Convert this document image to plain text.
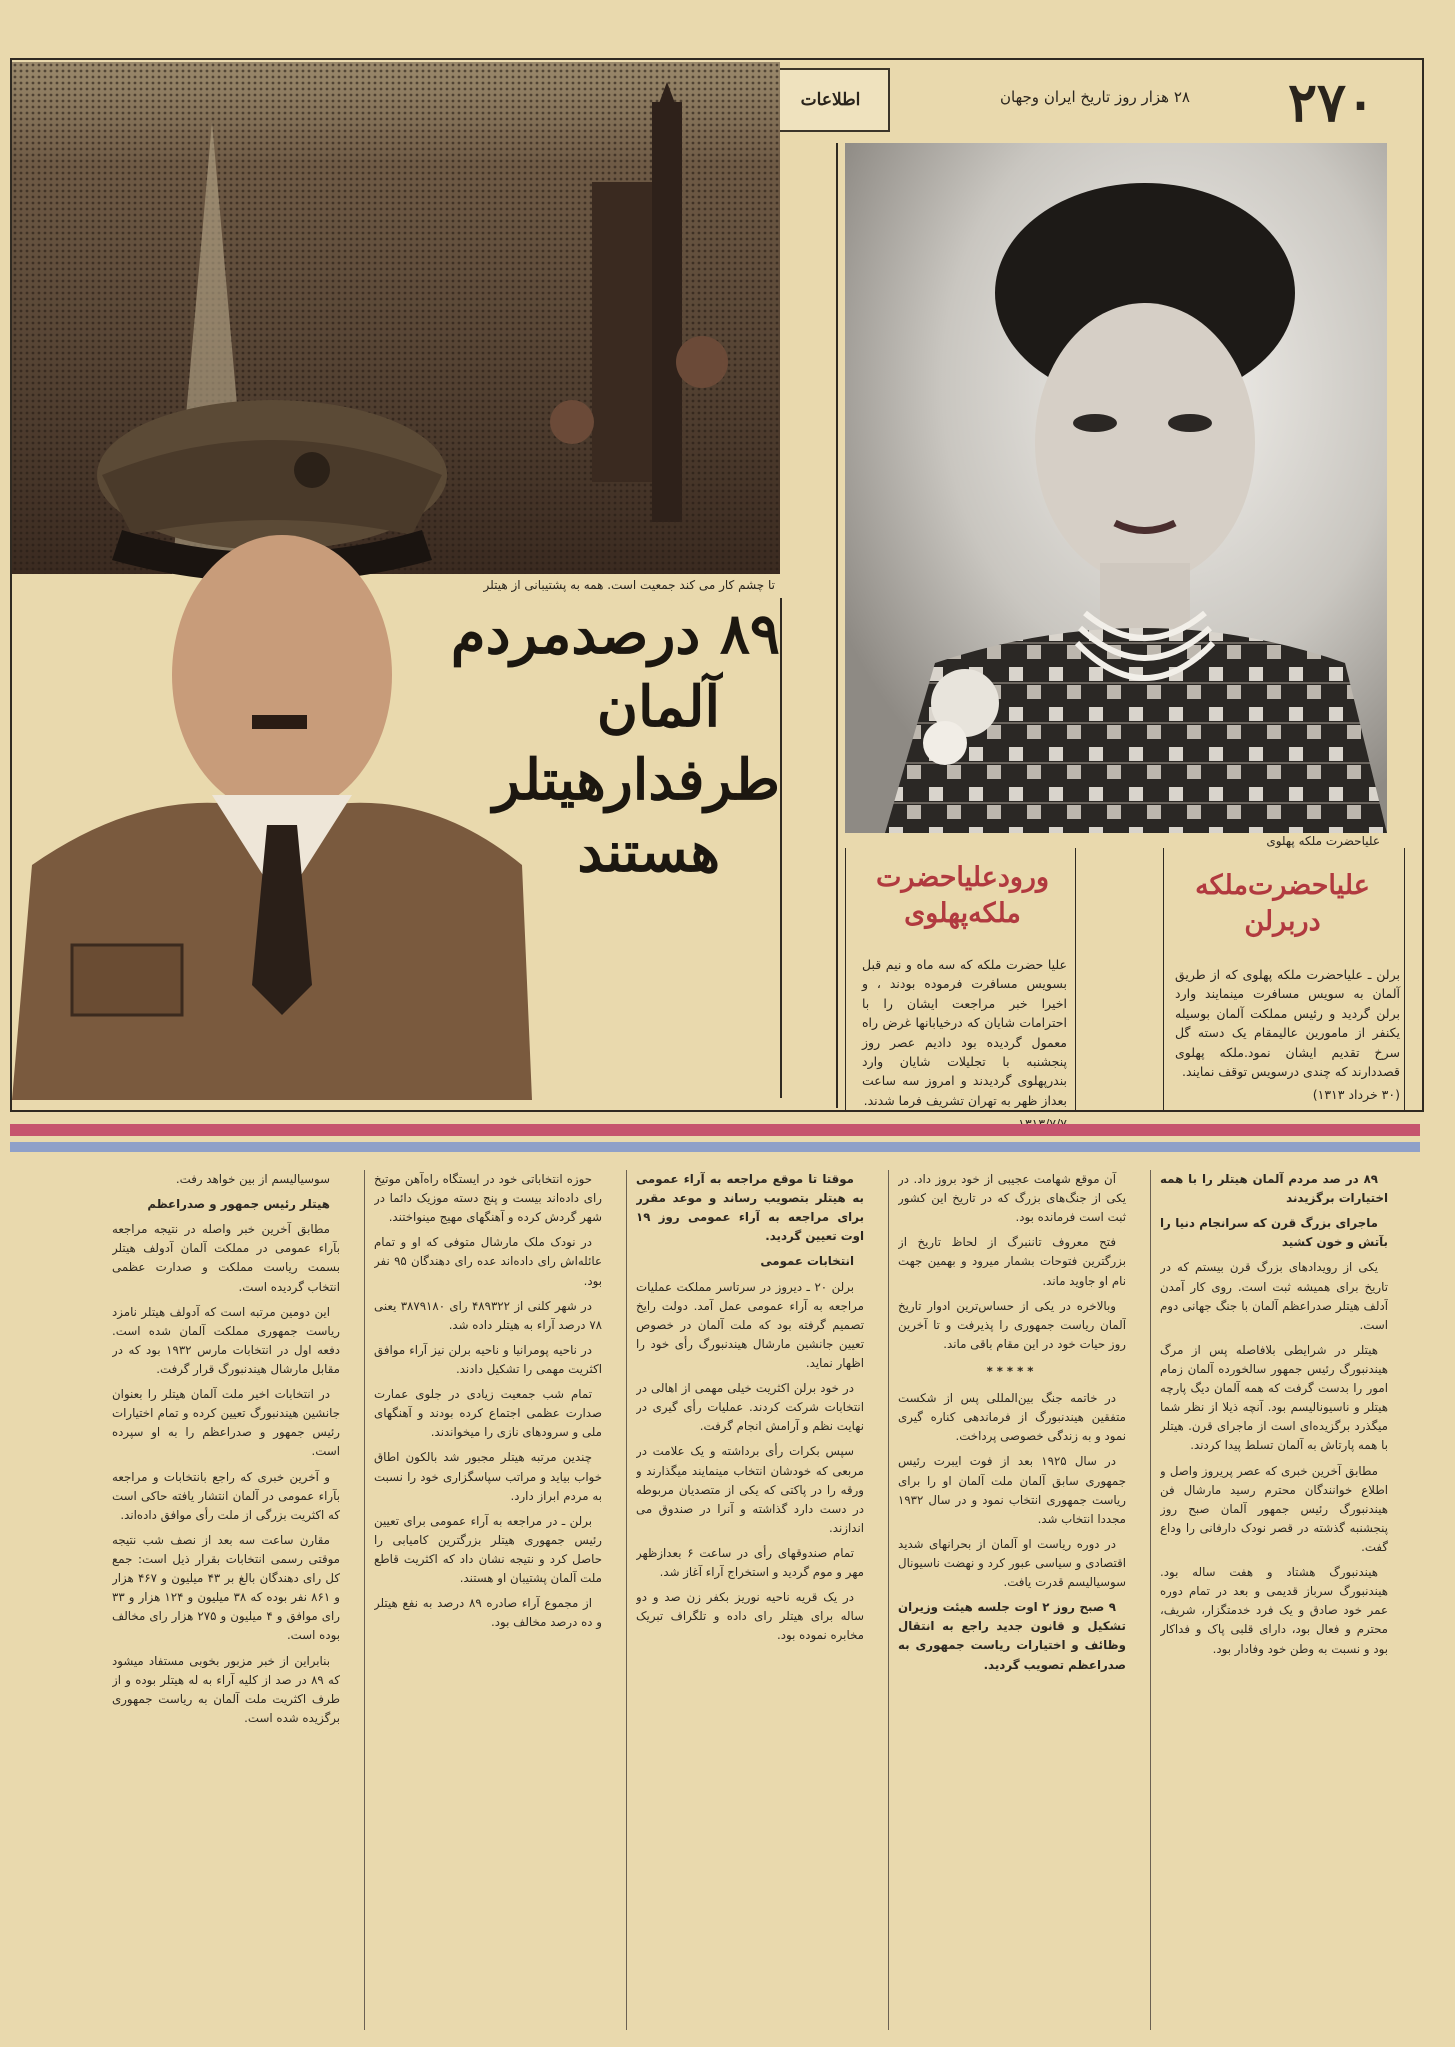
۲۷۰
۲۸ هزار روز تاریخ ایران وجهان
اطلاعات
علیاحضرت ملکه پهلوی
علیاحضرت‌ملکه
دربرلن
برلن ـ علیاحضرت ملکه پهلوی که از طریق آلمان به سویس مسافرت مینمایند وارد برلن گردید و رئیس مملکت آلمان بوسیله یکنفر از مامورین عالیمقام یک دسته گل سرخ تقدیم ایشان نمود.ملکه پهلوی قصددارند که چندی درسویس توقف نمایند.
(۳۰ خرداد ۱۳۱۳)
ورودعلیاحضرت
ملکه‌پهلوی
علیا حضرت ملکه که سه ماه و نیم قبل بسویس مسافرت فرموده بودند ، و اخیرا خبر مراجعت ایشان را با احترامات شایان که درخیابانها غرض راه معمول گردیده بود دادیم عصر روز پنجشنبه با تجلیلات شایان وارد بندرپهلوی گردیدند و امروز سه ساعت بعداز ظهر به تهران تشریف فرما شدند.
تا چشم کار می کند جمعیت است. همه به پشتیبانی از هیتلر
۸۹ درصدمردم
آلمان
طرفدارهیتلر
هستند

۸۹ در صد مردم آلمان هیتلر را با همه اختیارات برگزیدند

ماجرای بزرگ قرن که سرانجام دنیا را بآتش و خون کشید

یکی از رویدادهای بزرگ قرن بیستم که در تاریخ برای همیشه ثبت است. روی کار آمدن آدلف هیتلر صدراعظم آلمان با جنگ جهانی دوم است.

هیتلر در شرایطی بلافاصله پس از مرگ هیندنبورگ رئیس جمهور سالخورده آلمان زمام امور را بدست گرفت که همه آلمان دیگ پارچه هیتلر و ناسیونالیسم بود. آنچه ذیلا از نظر شما میگذرد برگزیده‌ای است از ماجرای قرن. هیتلر با همه پارتاش به آلمان تسلط پیدا کردند.

مطابق آخرین خبری که عصر پریروز واصل و اطلاع خوانندگان محترم رسید مارشال فن هیندنبورگ رئیس جمهور آلمان صبح روز پنجشنبه گذشته در قصر نودک دارفانی را وداع گفت.

هیندنبورگ هشتاد و هفت ساله بود. هیندنبورگ سرباز قدیمی و بعد در تمام دوره عمر خود صادق و یک فرد خدمتگزار، شریف، محترم و فعال بود، دارای قلبی پاک و فداکار بود و نسبت به وطن خود وفادار بود.

آن موقع شهامت عجیبی از خود بروز داد. در یکی از جنگ‌های بزرگ که در تاریخ این کشور ثبت است فرمانده بود.

فتح معروف تاننبرگ از لحاظ تاریخ از بزرگترین فتوحات بشمار میرود و بهمین جهت نام او جاوید ماند.

وبالاخره در یکی از حساس‌ترین ادوار تاریخ آلمان ریاست جمهوری را پذیرفت و تا آخرین روز حیات خود در این مقام باقی ماند.

*****

در خاتمه جنگ بین‌المللی پس از شکست متفقین هیندنبورگ از فرماندهی کناره گیری نمود و به زندگی خصوصی پرداخت.

در سال ۱۹۲۵ بعد از فوت ایبرت رئیس جمهوری سابق آلمان ملت آلمان او را برای ریاست جمهوری انتخاب نمود و در سال ۱۹۳۲ مجددا انتخاب شد.

در دوره ریاست او آلمان از بحرانهای شدید اقتصادی و سیاسی عبور کرد و نهضت ناسیونال سوسیالیسم قدرت یافت.

۹ صبح روز ۲ اوت جلسه هیئت وزیران تشکیل و قانون جدید راجع به انتقال وظائف و اختیارات ریاست جمهوری به صدراعظم تصویب گردید.

موقتا تا موقع مراجعه به آراء عمومی به هیتلر بتصویب رساند و موعد مقرر برای مراجعه به آراء عمومی روز ۱۹ اوت تعیین گردید.

انتخابات عمومی

برلن ۲۰ ـ دیروز در سرتاسر مملکت عملیات مراجعه به آراء عمومی عمل آمد. دولت رایخ تصمیم گرفته بود که ملت آلمان در خصوص تعیین جانشین مارشال هیندنبورگ رأی خود را اظهار نماید.

در خود برلن اکثریت خیلی مهمی از اهالی در انتخابات شرکت کردند. عملیات رأی گیری در نهایت نظم و آرامش انجام گرفت.

سپس بکرات رأی برداشته و یک علامت در مربعی که خودشان انتخاب مینمایند میگذارند و ورقه را در پاکتی که یکی از متصدیان مربوطه در دست دارد گذاشته و آنرا در صندوق می اندازند.

تمام صندوقهای رأی در ساعت ۶ بعدازظهر مهر و موم گردید و استخراج آراء آغاز شد.

در یک قریه ناحیه نوریز بکفر زن صد و دو ساله برای هیتلر رای داده و تلگراف تبریک مخابره نموده بود.

حوزه انتخاباتی خود در ایستگاه راه‌آهن موتیخ رای داده‌اند بیست و پنج دسته موزیک دائما در شهر گردش کرده و آهنگهای مهیج مینواختند.

در نودک ملک مارشال متوفی که او و تمام عائله‌اش رای داده‌اند عده رای دهندگان ۹۵ نفر بود.

در شهر کلنی از ۴۸۹۳۲۲ رای ۳۸۷۹۱۸۰ یعنی ۷۸ درصد آراء به هیتلر داده شد.

در ناحیه پومرانیا و ناحیه برلن نیز آراء موافق اکثریت مهمی را تشکیل دادند.

تمام شب جمعیت زیادی در جلوی عمارت صدارت عظمی اجتماع کرده بودند و آهنگهای ملی و سرودهای نازی را میخواندند.

چندین مرتبه هیتلر مجبور شد بالکون اطاق خواب بیاید و مراتب سپاسگزاری خود را نسبت به مردم ابراز دارد.

برلن ـ در مراجعه به آراء عمومی برای تعیین رئیس جمهوری هیتلر بزرگترین کامیابی را حاصل کرد و نتیجه نشان داد که اکثریت قاطع ملت آلمان پشتیبان او هستند.

از مجموع آراء صادره ۸۹ درصد به نفع هیتلر و ده درصد مخالف بود.

سوسیالیسم از بین خواهد رفت.

هیتلر رئیس جمهور و صدراعظم

مطابق آخرین خبر واصله در نتیجه مراجعه بآراء عمومی در مملکت آلمان آدولف هیتلر بسمت ریاست مملکت و صدارت عظمی انتخاب گردیده است.

این دومین مرتبه است که آدولف هیتلر نامزد ریاست جمهوری مملکت آلمان شده است. دفعه اول در انتخابات مارس ۱۹۳۲ بود که در مقابل مارشال هیندنبورگ قرار گرفت.

در انتخابات اخیر ملت آلمان هیتلر را بعنوان جانشین هیندنبورگ تعیین کرده و تمام اختیارات رئیس جمهور و صدراعظم را به او سپرده است.

و آخرین خبری که راجع بانتخابات و مراجعه بآراء عمومی در آلمان انتشار یافته حاکی است که اکثریت بزرگی از ملت رأی موافق داده‌اند.

مقارن ساعت سه بعد از نصف شب نتیجه موقتی رسمی انتخابات بقرار ذیل است: جمع کل رای دهندگان بالغ بر ۴۳ میلیون و ۴۶۷ هزار و ۸۶۱ نفر بوده که ۳۸ میلیون و ۱۲۴ هزار و ۳۳ رای موافق و ۴ میلیون و ۲۷۵ هزار رای مخالف بوده است.

بنابراین از خبر مزبور بخوبی مستفاد میشود که ۸۹ در صد از کلیه آراء به له هیتلر بوده و از طرف اکثریت ملت آلمان به ریاست جمهوری برگزیده شده است.
